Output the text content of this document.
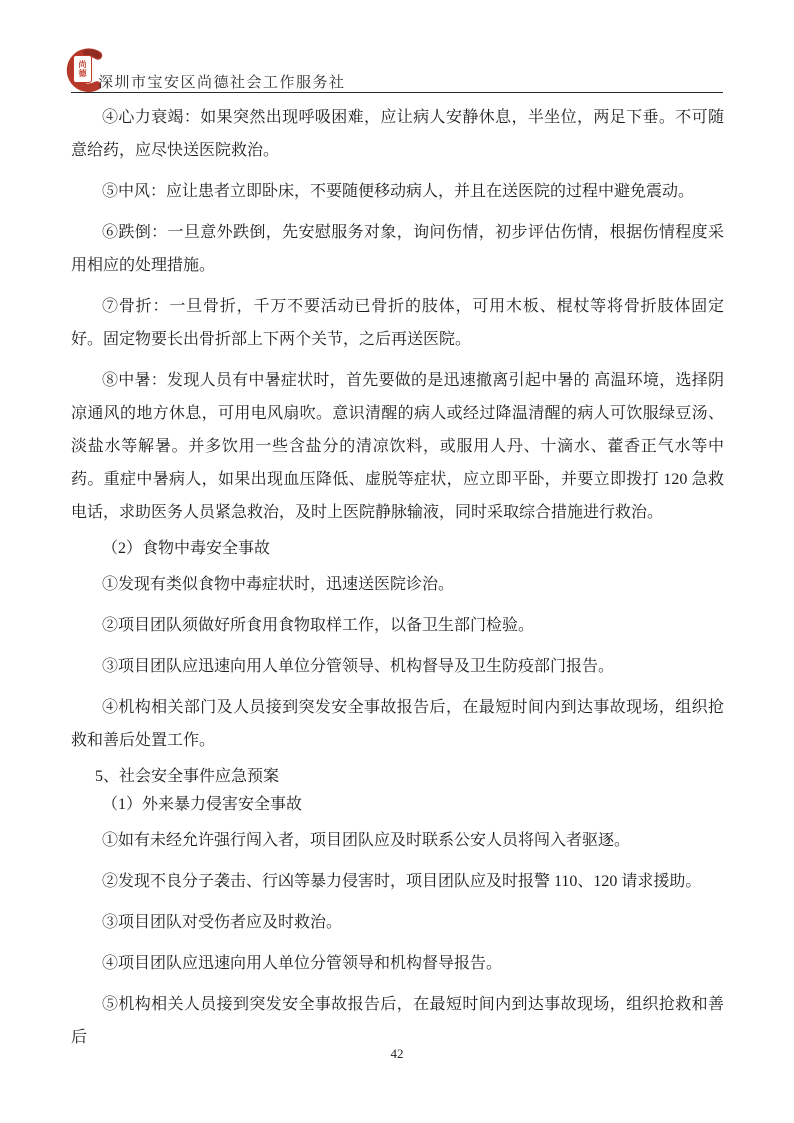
尚
德
深圳市宝安区尚德社会工作服务社

④心力衰竭：如果突然出现呼吸困难，应让病人安静休息，半坐位，两足下垂。不可随意给药，应尽快送医院救治。

⑤中风：应让患者立即卧床，不要随便移动病人，并且在送医院的过程中避免震动。

⑥跌倒：一旦意外跌倒，先安慰服务对象，询问伤情，初步评估伤情，根据伤情程度采用相应的处理措施。

⑦骨折：一旦骨折，千万不要活动已骨折的肢体，可用木板、棍杖等将骨折肢体固定好。固定物要长出骨折部上下两个关节，之后再送医院。

⑧中暑：发现人员有中暑症状时，首先要做的是迅速撤离引起中暑的 高温环境，选择阴凉通风的地方休息，可用电风扇吹。意识清醒的病人或经过降温清醒的病人可饮服绿豆汤、淡盐水等解暑。并多饮用一些含盐分的清凉饮料，或服用人丹、十滴水、藿香正气水等中药。重症中暑病人，如果出现血压降低、虚脱等症状，应立即平卧，并要立即拨打 120 急救电话，求助医务人员紧急救治，及时上医院静脉输液，同时采取综合措施进行救治。

（2）食物中毒安全事故

①发现有类似食物中毒症状时，迅速送医院诊治。

②项目团队须做好所食用食物取样工作，以备卫生部门检验。

③项目团队应迅速向用人单位分管领导、机构督导及卫生防疫部门报告。

④机构相关部门及人员接到突发安全事故报告后，在最短时间内到达事故现场，组织抢救和善后处置工作。

5、社会安全事件应急预案

（1）外来暴力侵害安全事故

①如有未经允许强行闯入者，项目团队应及时联系公安人员将闯入者驱逐。

②发现不良分子袭击、行凶等暴力侵害时，项目团队应及时报警 110、120 请求援助。

③项目团队对受伤者应及时救治。

④项目团队应迅速向用人单位分管领导和机构督导报告。

⑤机构相关人员接到突发安全事故报告后，在最短时间内到达事故现场，组织抢救和善后

42
